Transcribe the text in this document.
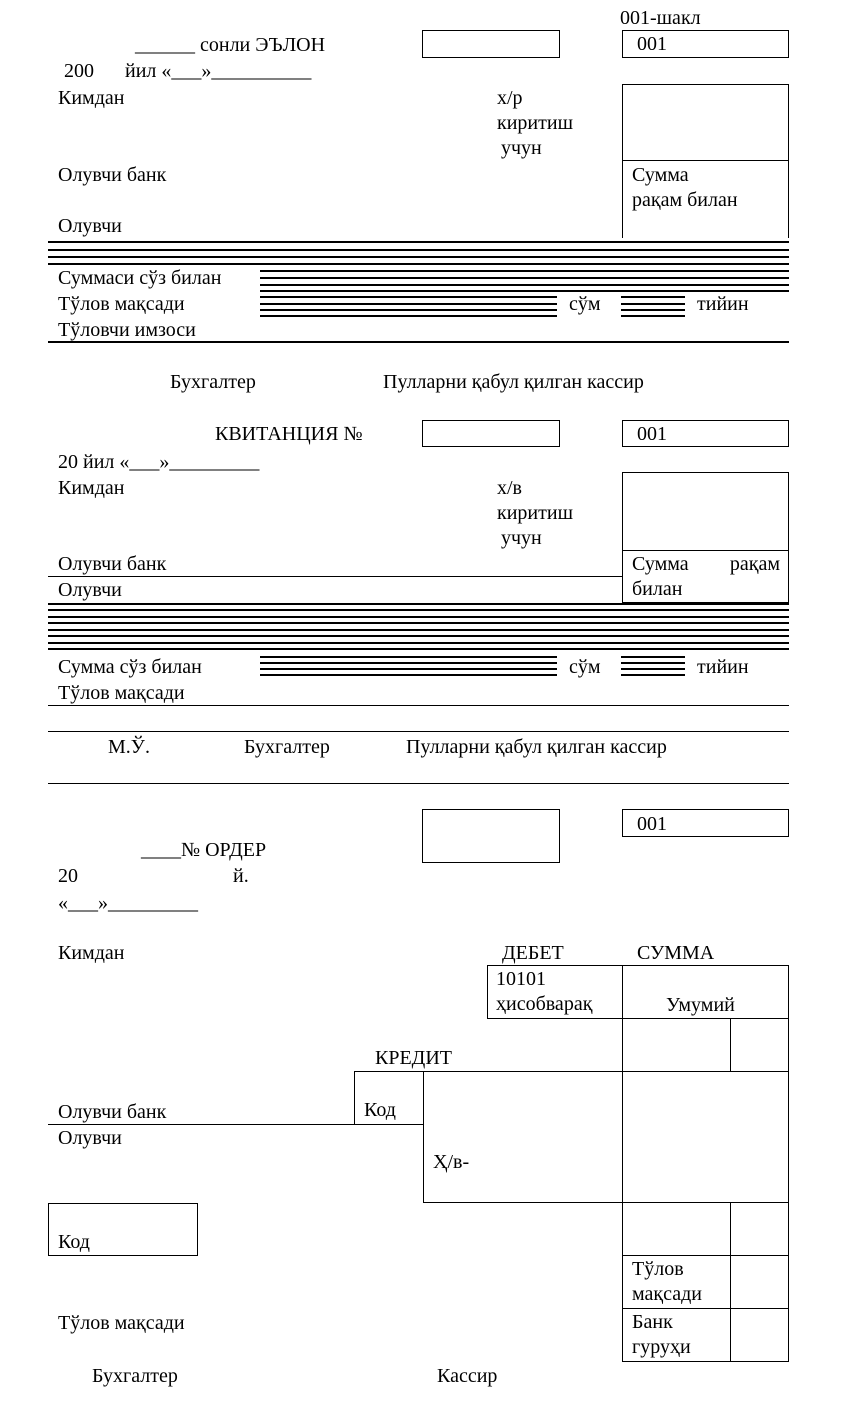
001-шакл
______ сонли ЭЪЛОН	001
200 йил «___»__________
Кимдан	х/р
киритиш
учун
Сумма
рақам билан
Олувчи банк
Олувчи
Суммаси сўз билан
Тўлов мақсади	сўм	тийин
Тўловчи имзоси
Бухгалтер	Пулларни қабул қилган кассир
КВИТАНЦИЯ №	001
20 йил «___»_________
Кимдан	х/в
киритиш
учун
Сумма рақам
билан
Олувчи банк
Олувчи
Сумма сўз билан	сўм	тийин
Тўлов мақсади
М.Ў.	Бухгалтер	Пулларни қабул қилган кассир
001
____№ ОРДЕР
20	й.
«___»_________
Кимдан	ДЕБЕТ	СУММА
10101
ҳисобварақ	Умумий
КРЕДИТ
Код
Ҳ/в-
Олувчи банк
Олувчи
Код
Тўлов
мақсади
Банк
гуруҳи
Тўлов мақсади
Бухгалтер	Кассир
